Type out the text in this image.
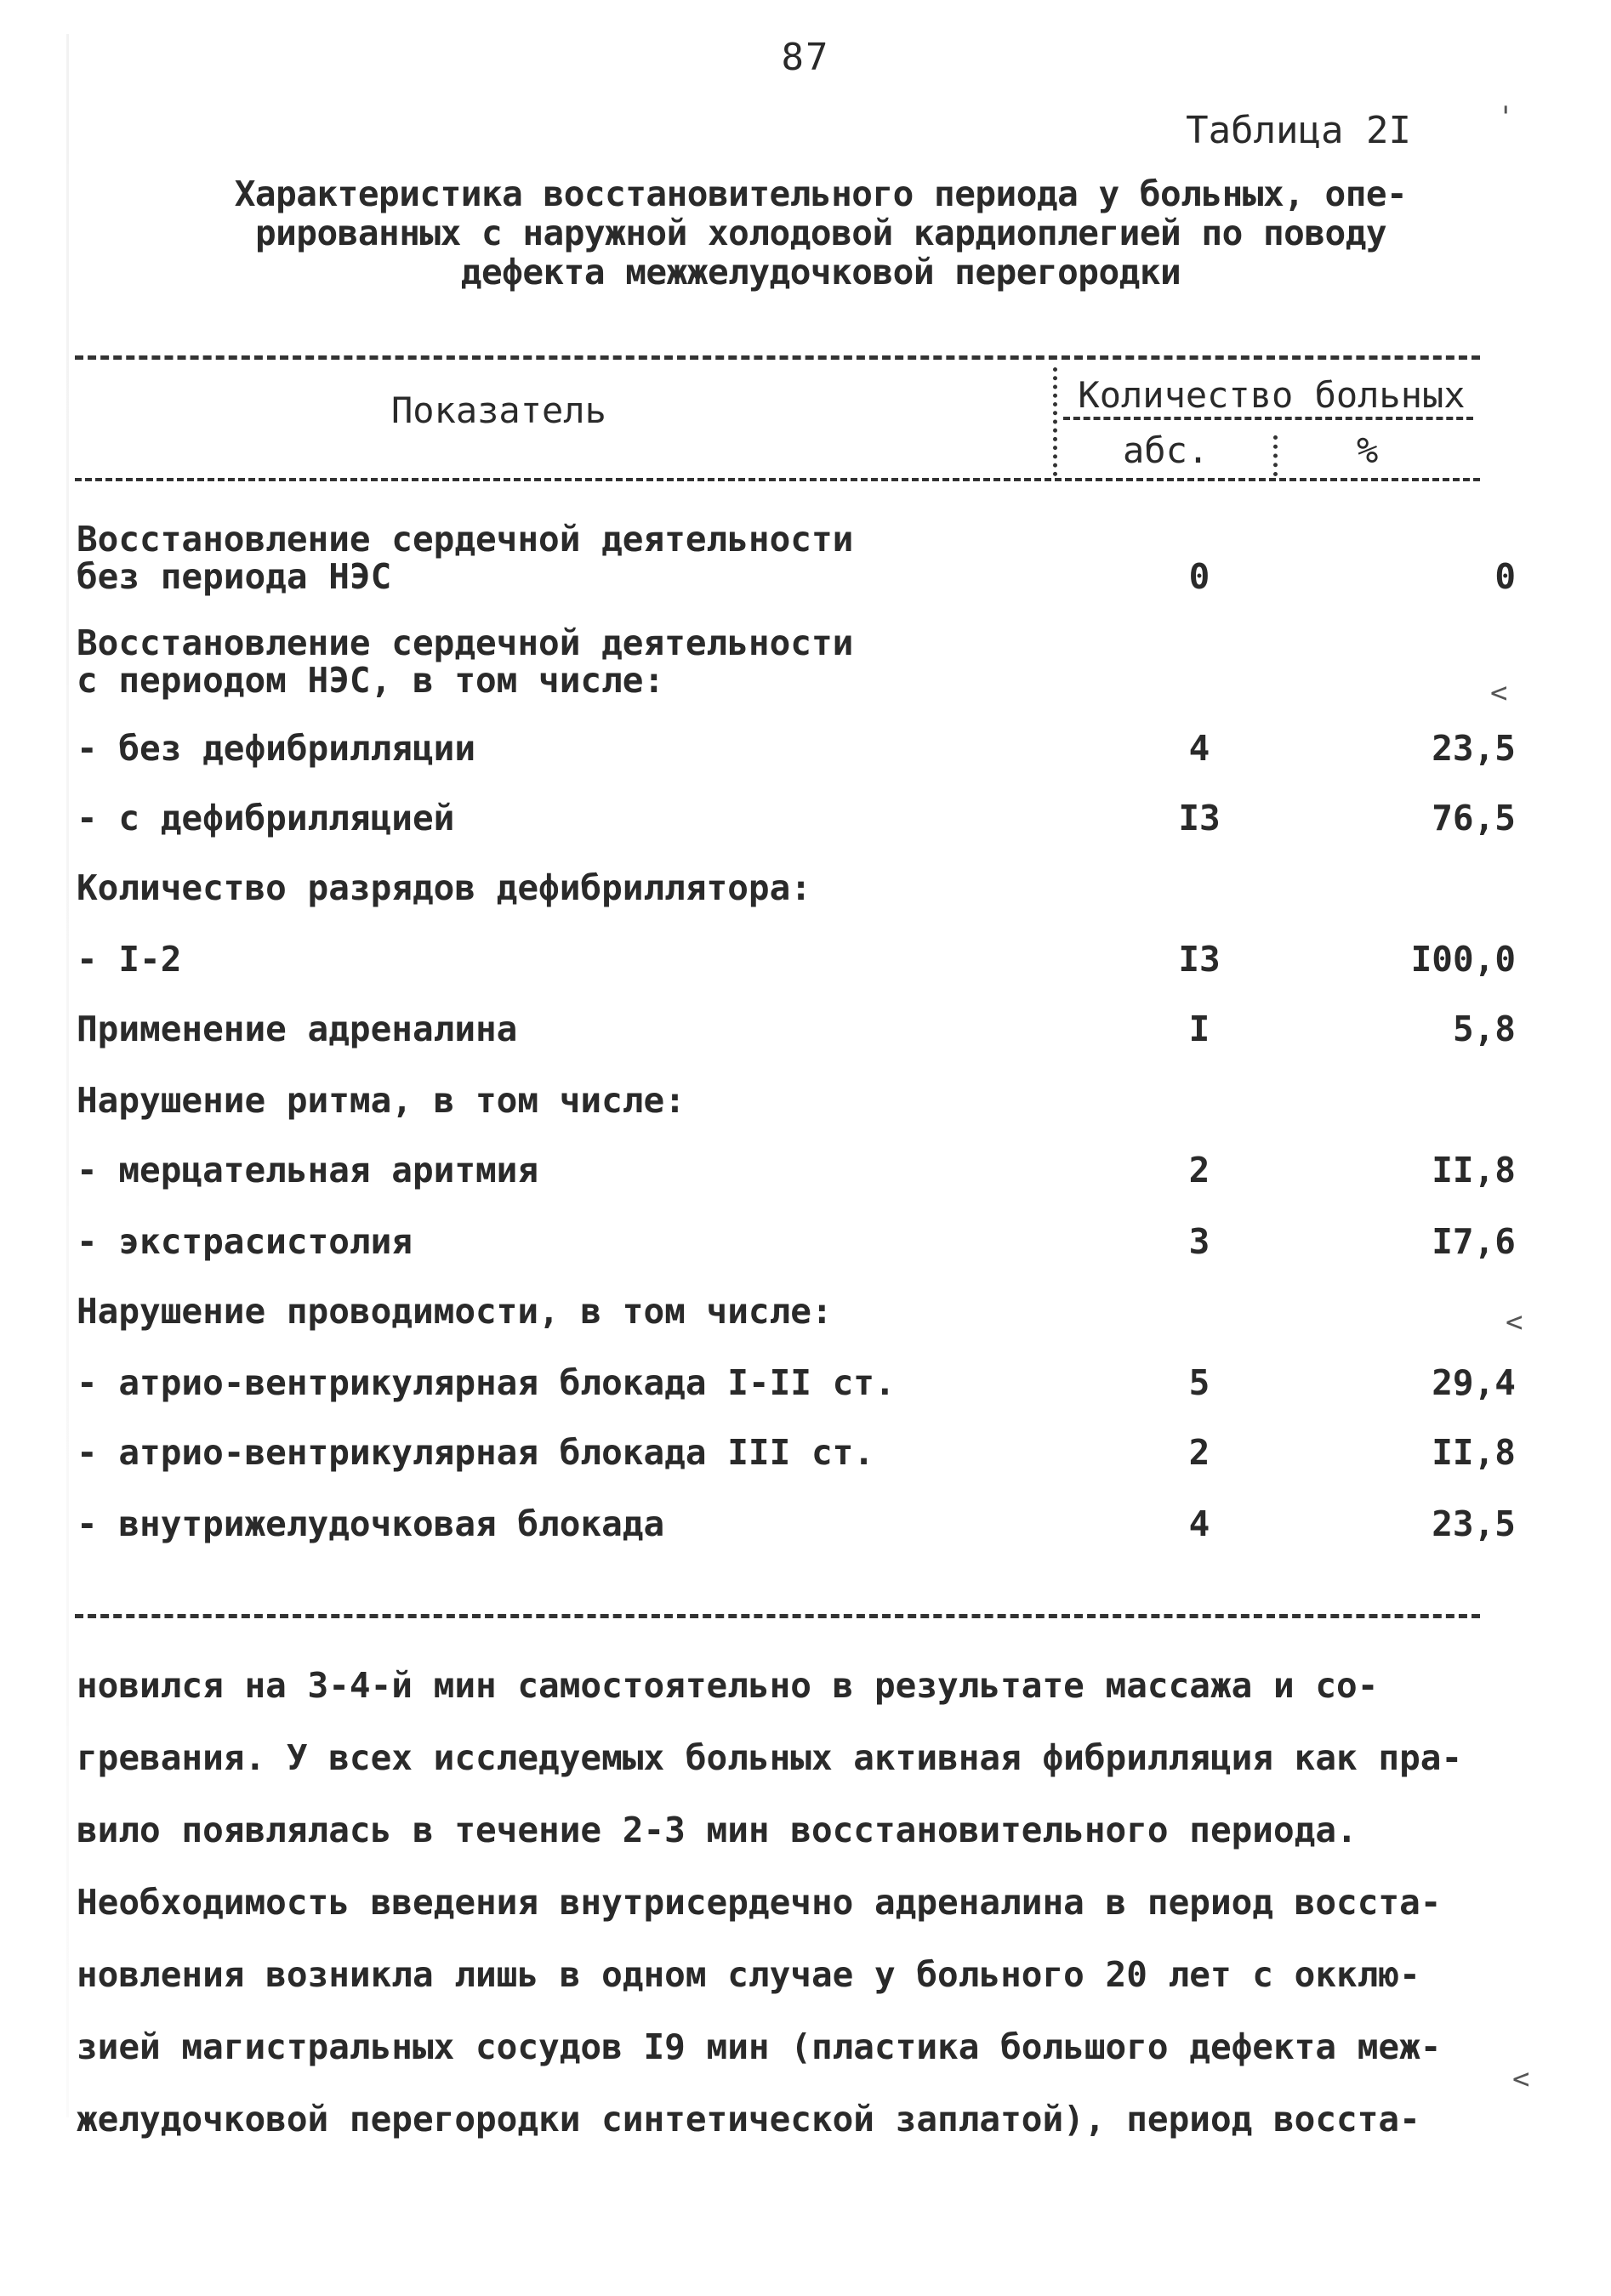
87
Таблица 2I
Характеристика восстановительного периода у больных, опе-
рированных с наружной холодовой кардиоплегией по поводу
дефекта межжелудочковой перегородки
Показатель	Количество больных
абс.	%
Восстановление сердечной деятельности
без периода НЭС	0	0
Восстановление сердечной деятельности
с периодом НЭС, в том числе:
- без дефибрилляции	4	23,5
- с дефибрилляцией	I3	76,5
Количество разрядов дефибриллятора:
- I-2	I3	I00,0
Применение адреналина	I	5,8
Нарушение ритма, в том числе:
- мерцательная аритмия	2	II,8
- экстрасистолия	3	I7,6
Нарушение проводимости, в том числе:
- атрио-вентрикулярная блокада I-II ст.	5	29,4
- атрио-вентрикулярная блокада III ст.	2	II,8
- внутрижелудочковая блокада	4	23,5
новился на 3-4-й мин самостоятельно в результате массажа и со-
гревания. У всех исследуемых больных активная фибрилляция как пра-
вило появлялась в течение 2-3 мин восстановительного периода.
Необходимость введения внутрисердечно адреналина в период восста-
новления возникла лишь в одном случае у больного 20 лет с окклю-
зией магистральных сосудов I9 мин (пластика большого дефекта меж-
желудочковой перегородки синтетической заплатой), период восста-
'
<
<
<
